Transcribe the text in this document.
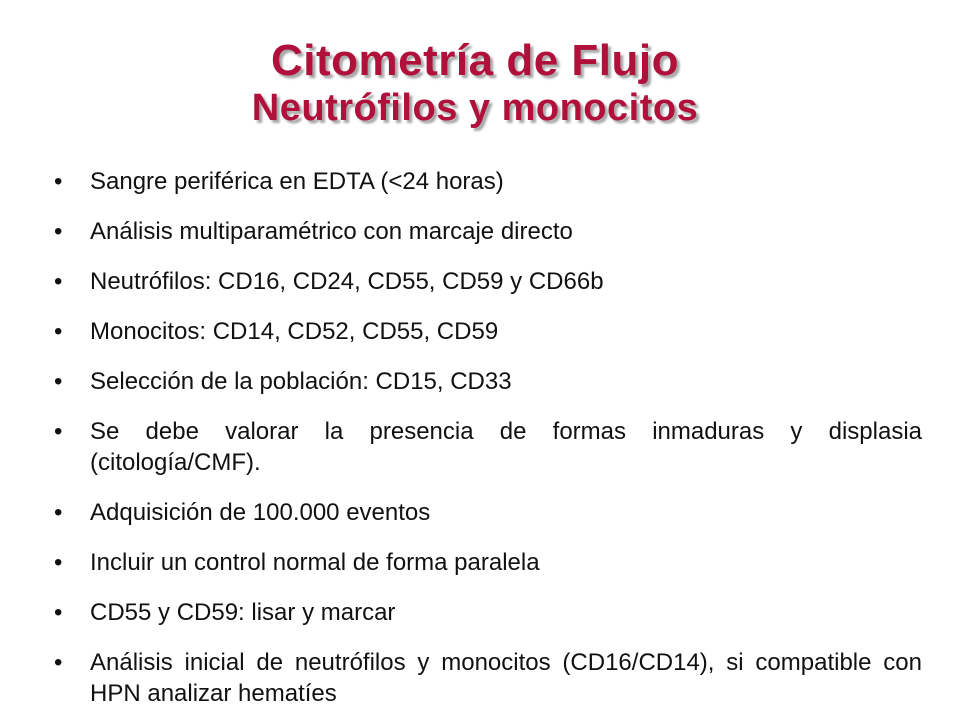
Citometría de Flujo
Neutrófilos y monocitos
•	Sangre periférica en EDTA (<24 horas)
•	Análisis multiparamétrico con marcaje directo
•	Neutrófilos: CD16, CD24, CD55, CD59 y CD66b
•	Monocitos: CD14, CD52, CD55, CD59
•	Selección de la población: CD15, CD33
•	Se debe valorar la presencia de formas inmaduras y displasia (citología/CMF).
•	Adquisición de 100.000 eventos
•	Incluir un control normal de forma paralela
•	CD55 y CD59: lisar y marcar
•	Análisis inicial de neutrófilos y monocitos (CD16/CD14), si compatible con HPN analizar hematíes
